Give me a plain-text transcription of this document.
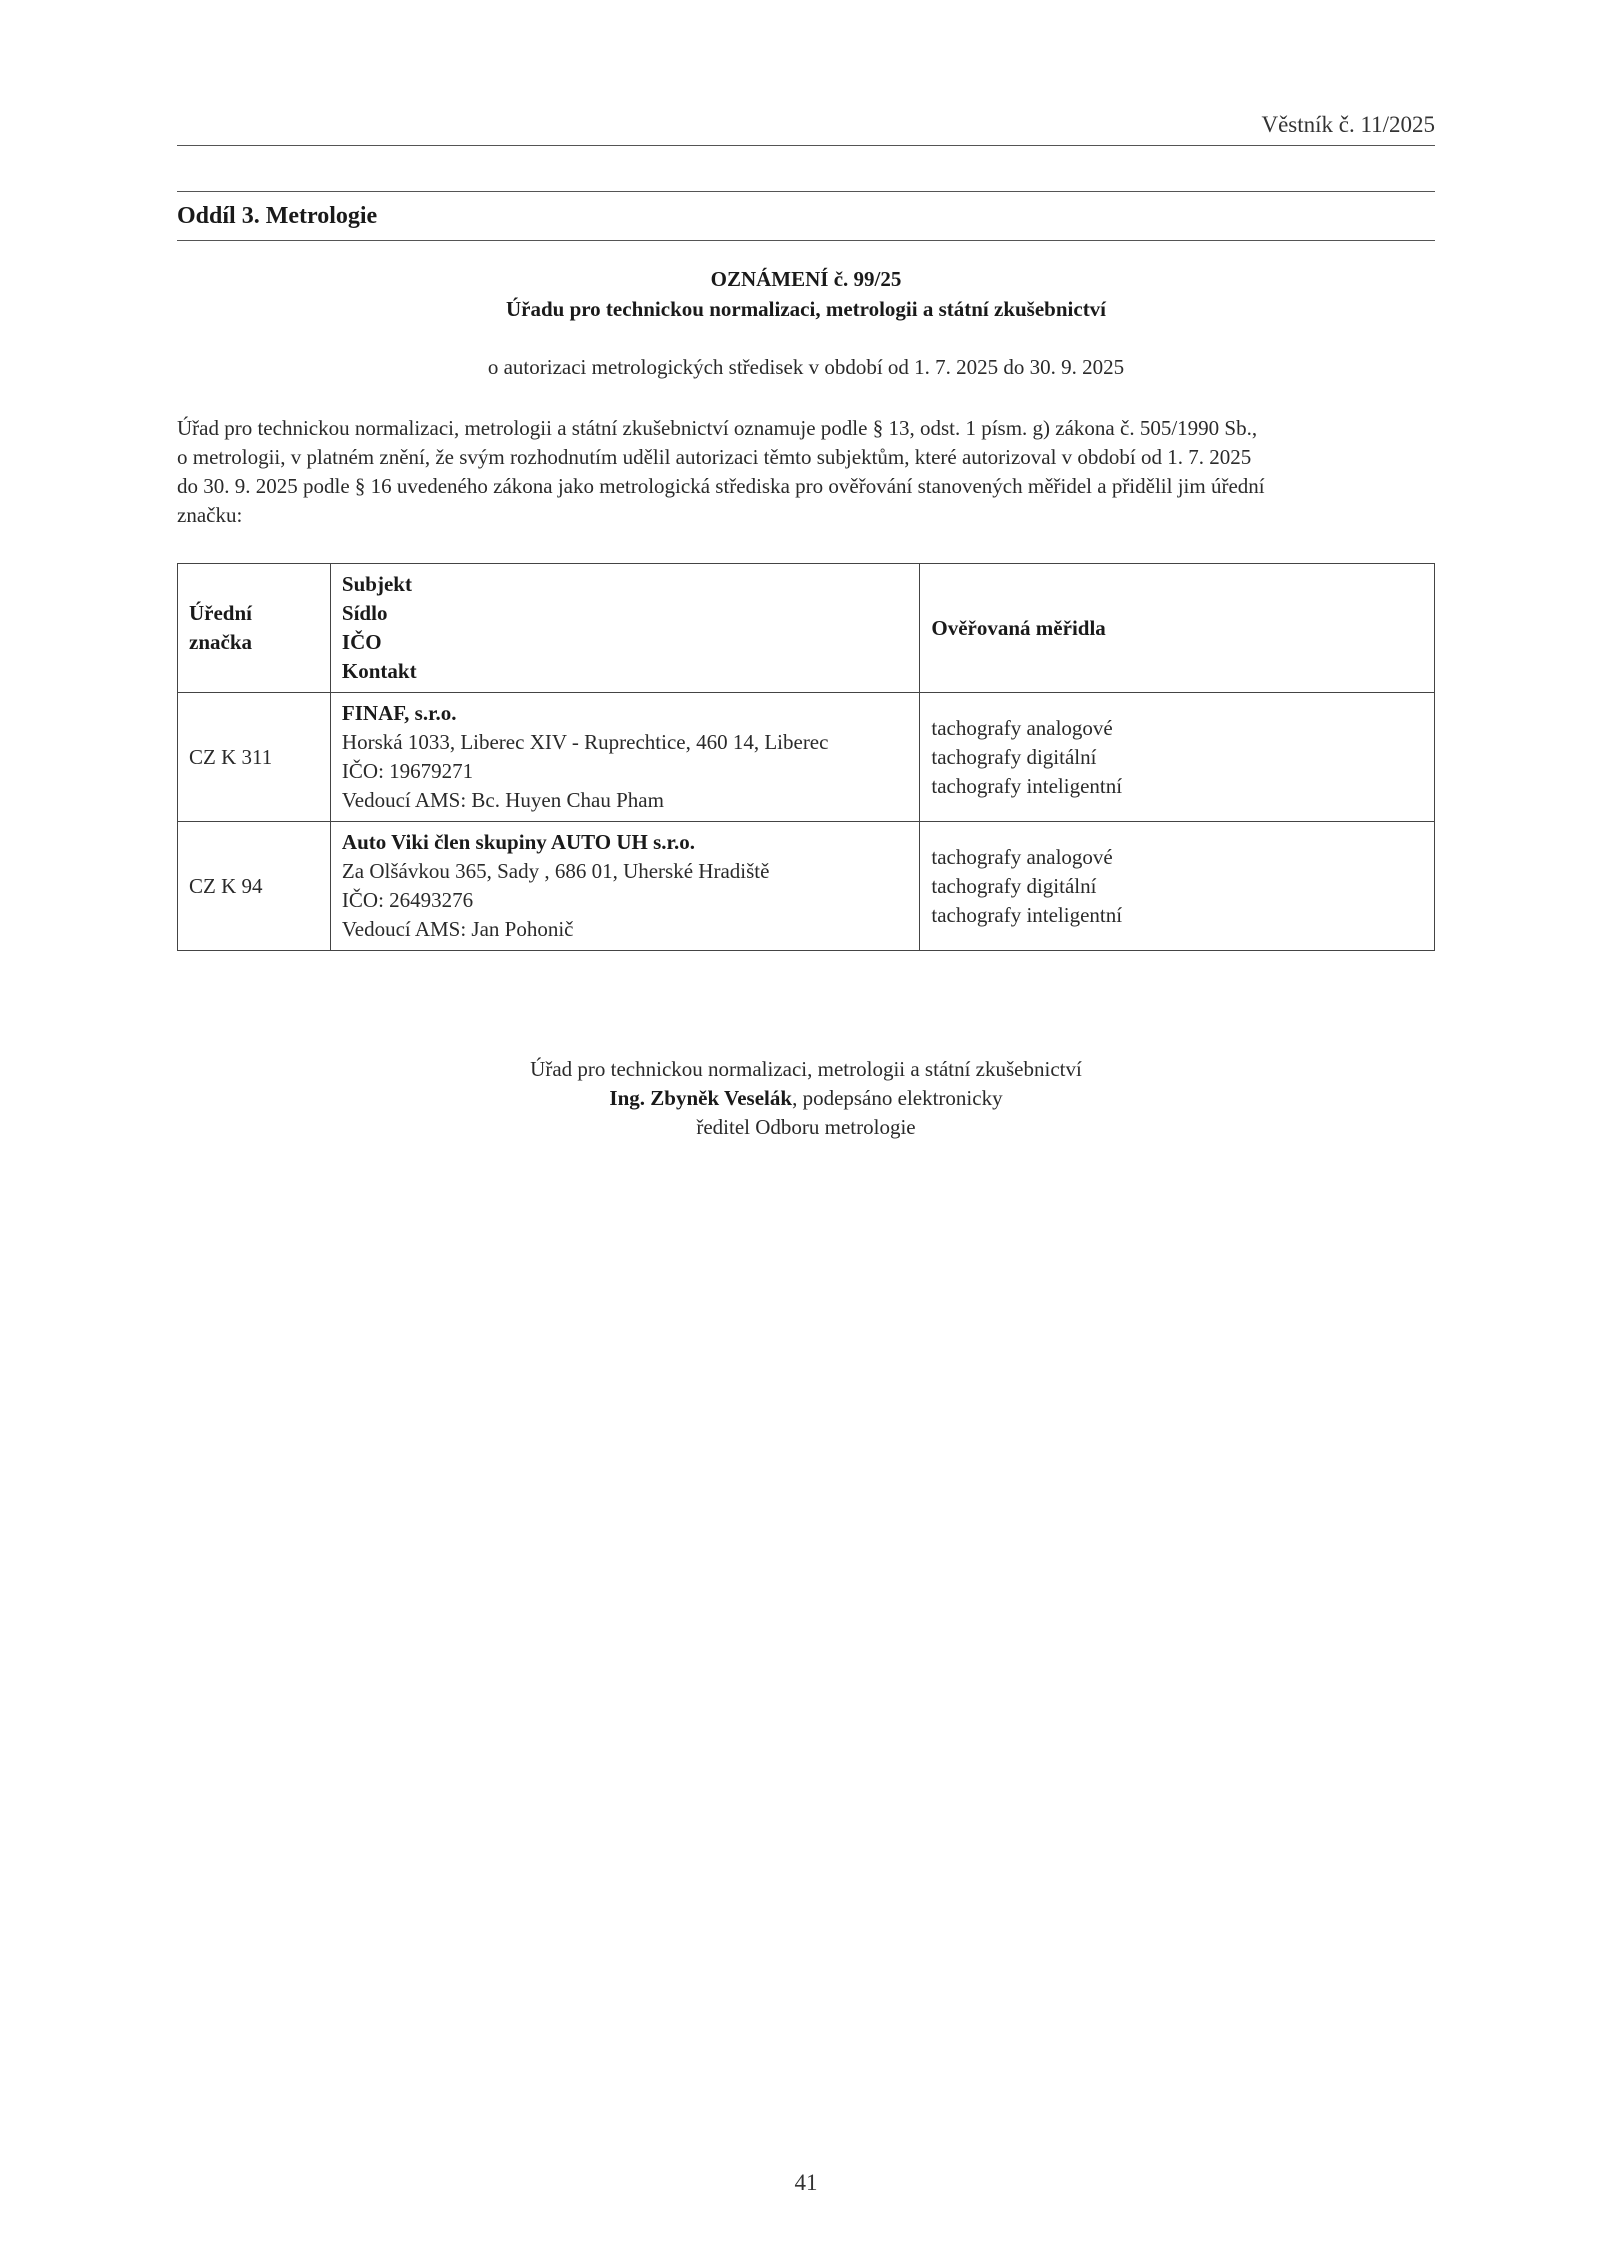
Věstník č. 11/2025
Oddíl 3. Metrologie
OZNÁMENÍ č. 99/25
Úřadu pro technickou normalizaci, metrologii a státní zkušebnictví
o autorizaci metrologických středisek v období od 1. 7. 2025 do 30. 9. 2025
Úřad pro technickou normalizaci, metrologii a státní zkušebnictví oznamuje podle § 13, odst. 1 písm. g) zákona č. 505/1990 Sb.,
o metrologii, v platném znění, že svým rozhodnutím udělil autorizaci těmto subjektům, které autorizoval v období od 1. 7. 2025
do 30. 9. 2025 podle § 16 uvedeného zákona jako metrologická střediska pro ověřování stanovených měřidel a přidělil jim úřední
značku:
Úřední
značka	Subjekt
Sídlo
IČO
Kontakt	Ověřovaná měřidla
CZ K 311	FINAF, s.r.o.
Horská 1033, Liberec XIV - Ruprechtice, 460 14, Liberec
IČO: 19679271
Vedoucí AMS: Bc. Huyen Chau Pham	tachografy analogové
tachografy digitální
tachografy inteligentní

CZ K 94	Auto Viki člen skupiny AUTO UH s.r.o.
Za Olšávkou 365, Sady , 686 01, Uherské Hradiště
IČO: 26493276
Vedoucí AMS: Jan Pohonič	tachografy analogové
tachografy digitální
tachografy inteligentní
Úřad pro technickou normalizaci, metrologii a státní zkušebnictví
Ing. Zbyněk Veselák, podepsáno elektronicky
ředitel Odboru metrologie
41
